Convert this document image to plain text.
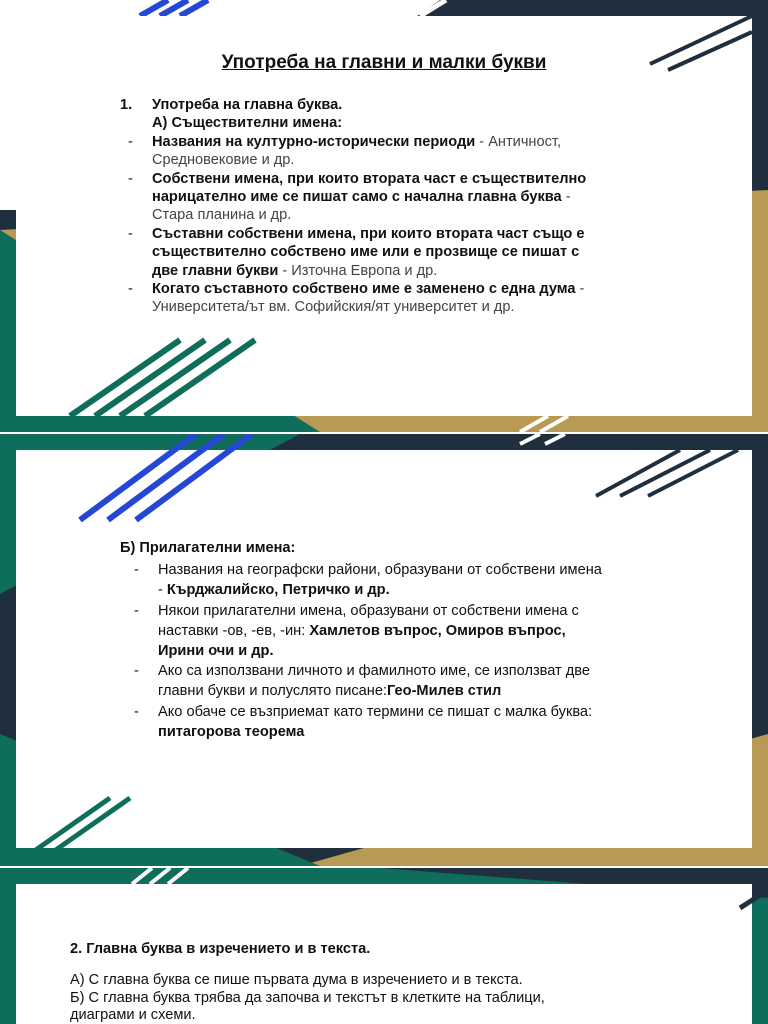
Употреба на главни и малки букви
1. Употреба на главна буква.
А) Съществителни имена:
- Названия на културно-исторически периоди - Античност,
Средновековие и др.
- Собствени имена, при които втората част е съществително
нарицателно име се пишат само с начална главна буква -
Стара планина и др.
- Съставни собствени имена, при които втората част също е
съществително собствено име или е прозвище се пишат с
две главни букви - Източна Европа и др.
- Когато съставното собствено име е заменено с една дума -
Университета/ът вм. Софийския/ят университет и др.
Б) Прилагателни имена:
- Названия на географски райони, образувани от собствени имена
- Кърджалийско, Петричко и др.
- Някои прилагателни имена, образувани от собствени имена с
наставки -ов, -ев, -ин: Хамлетов въпрос, Омиров въпрос,
Ирини очи и др.
- Ако са използвани личното и фамилното име, се използват две
главни букви и полуслято писане:Гео-Милев стил
- Ако обаче се възприемат като термини се пишат с малка буква:
питагорова теорема
2. Главна буква в изречението и в текста.
А) С главна буква се пише първата дума в изречението и в текста.
Б) С главна буква трябва да започва и текстът в клетките на таблици,
диаграми и схеми.
